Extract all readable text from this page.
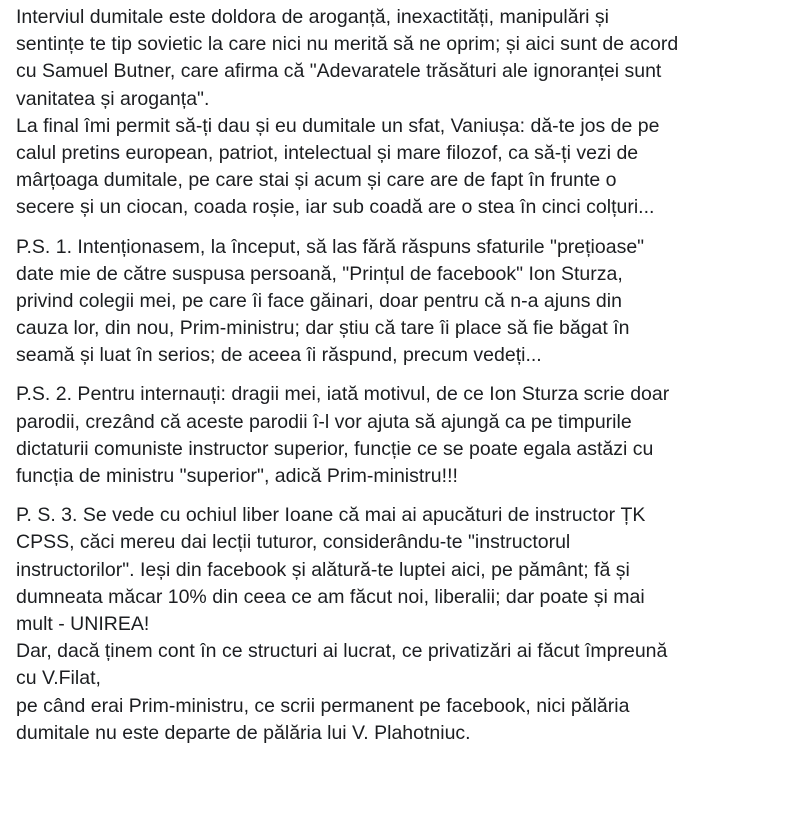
Interviul dumitale este doldora de aroganță, inexactități, manipulări și
sentințe te tip sovietic la care nici nu merită să ne oprim; și aici sunt de acord
cu Samuel Butner, care afirma că "Adevaratele trăsături ale ignoranței sunt
vanitatea și aroganța".
La final îmi permit să-ți dau și eu dumitale un sfat, Vaniușa: dă-te jos de pe
calul pretins european, patriot, intelectual și mare filozof, ca să-ți vezi de
mârțoaga dumitale, pe care stai și acum și care are de fapt în frunte o
secere și un ciocan, coada roșie, iar sub coadă are o stea în cinci colțuri...
P.S. 1. Intenționasem, la început, să las fără răspuns sfaturile "prețioase"
date mie de către suspusa persoană, "Prințul de facebook" Ion Sturza,
privind colegii mei, pe care îi face găinari, doar pentru că n-a ajuns din
cauza lor, din nou, Prim-ministru; dar știu că tare îi place să fie băgat în
seamă și luat în serios; de aceea îi răspund, precum vedeți...
P.S. 2. Pentru internauți: dragii mei, iată motivul, de ce Ion Sturza scrie doar
parodii, crezând că aceste parodii î-l vor ajuta să ajungă ca pe timpurile
dictaturii comuniste instructor superior, funcție ce se poate egala astăzi cu
funcția de ministru "superior", adică Prim-ministru!!!
P. S. 3. Se vede cu ochiul liber Ioane că mai ai apucături de instructor ȚK
CPSS, căci mereu dai lecții tuturor, considerându-te "instructorul
instructorilor". Ieși din facebook și alătură-te luptei aici, pe pământ; fă și
dumneata măcar 10% din ceea ce am făcut noi, liberalii; dar poate și mai
mult - UNIREA!
Dar, dacă ținem cont în ce structuri ai lucrat, ce privatizări ai făcut împreună
cu V.Filat,
pe când erai Prim-ministru, ce scrii permanent pe facebook, nici pălăria
dumitale nu este departe de pălăria lui V. Plahotniuc.
